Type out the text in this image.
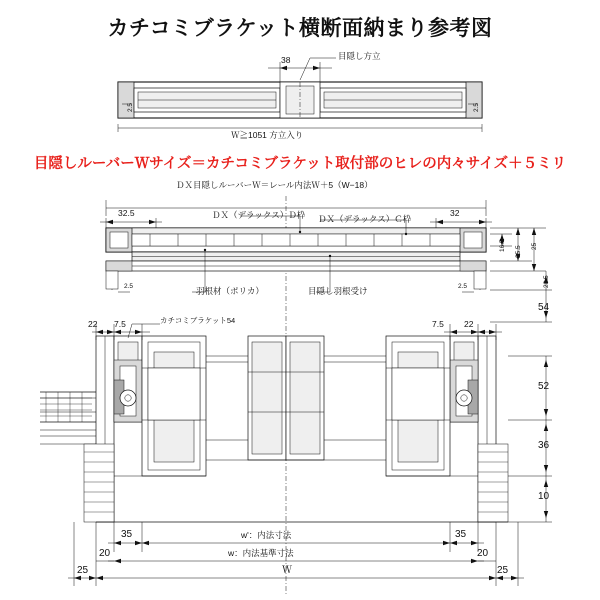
カチコミブラケット横断面納まり参考図
目隠しルーバーＷサイズ＝カチコミブラケット取付部のヒレの内々サイズ＋５ミリ
38	目隠し方立
Ｗ≧1051 方立入り
2.5	2.5
ＤＸ目隠しルーバーＷ＝レール内法Ｗ＋5（W−18）
32.5	32
ＤＸ（デラックス）Ｄ枠 ＤＸ（デラックス）Ｃ枠
16.5 25.5 25
28.5
2.5	2.5
羽根材（ポリカ）	目隠し羽根受け
カチコミブラケット54
22 7.5	7.5 22
54
52
36
10
35	35
20	20
25	25
w'：内法寸法
w：内法基準寸法
Ｗ
